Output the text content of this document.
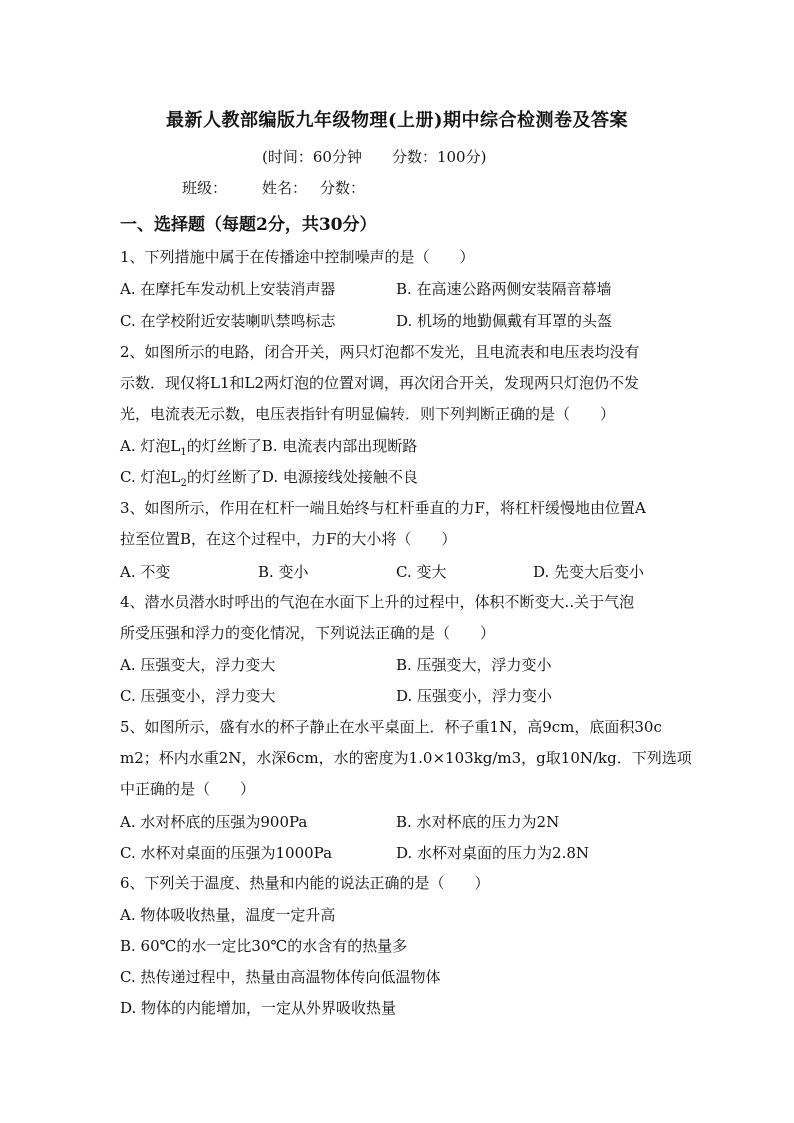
最新人教部编版九年级物理(上册)期中综合检测卷及答案
(时间：60分钟　　分数：100分)
班级： 姓名： 分数：
一、选择题（每题2分，共30分）
1、下列措施中属于在传播途中控制噪声的是（　　）
A. 在摩托车发动机上安装消声器	B. 在高速公路两侧安装隔音幕墙
C. 在学校附近安装喇叭禁鸣标志	D. 机场的地勤佩戴有耳罩的头盔
2、如图所示的电路，闭合开关，两只灯泡都不发光，且电流表和电压表均没有
示数．现仅将L1和L2两灯泡的位置对调，再次闭合开关，发现两只灯泡仍不发
光，电流表无示数，电压表指针有明显偏转．则下列判断正确的是（　　）
A. 灯泡$L_1$的灯丝断了B. 电流表内部出现断路
C. 灯泡$L_2$的灯丝断了D. 电源接线处接触不良
3、如图所示，作用在杠杆一端且始终与杠杆垂直的力F，将杠杆缓慢地由位置A
拉至位置B，在这个过程中，力F的大小将（　　）
A. 不变	B. 变小	C. 变大	D. 先变大后变小
4、潜水员潜水时呼出的气泡在水面下上升的过程中，体积不断变大..关于气泡
所受压强和浮力的变化情况，下列说法正确的是（　　）
A. 压强变大，浮力变大	B. 压强变大，浮力变小
C. 压强变小，浮力变大	D. 压强变小，浮力变小
5、如图所示，盛有水的杯子静止在水平桌面上．杯子重1N，高9cm，底面积30c
m2；杯内水重2N，水深6cm，水的密度为1.0×103kg/m3，g取10N/kg．下列选项
中正确的是（　　）
A. 水对杯底的压强为900Pa	B. 水对杯底的压力为2N
C. 水杯对桌面的压强为1000Pa	D. 水杯对桌面的压力为2.8N
6、下列关于温度、热量和内能的说法正确的是（　　）
A. 物体吸收热量，温度一定升高
B. 60℃的水一定比30℃的水含有的热量多
C. 热传递过程中，热量由高温物体传向低温物体
D. 物体的内能增加，一定从外界吸收热量
